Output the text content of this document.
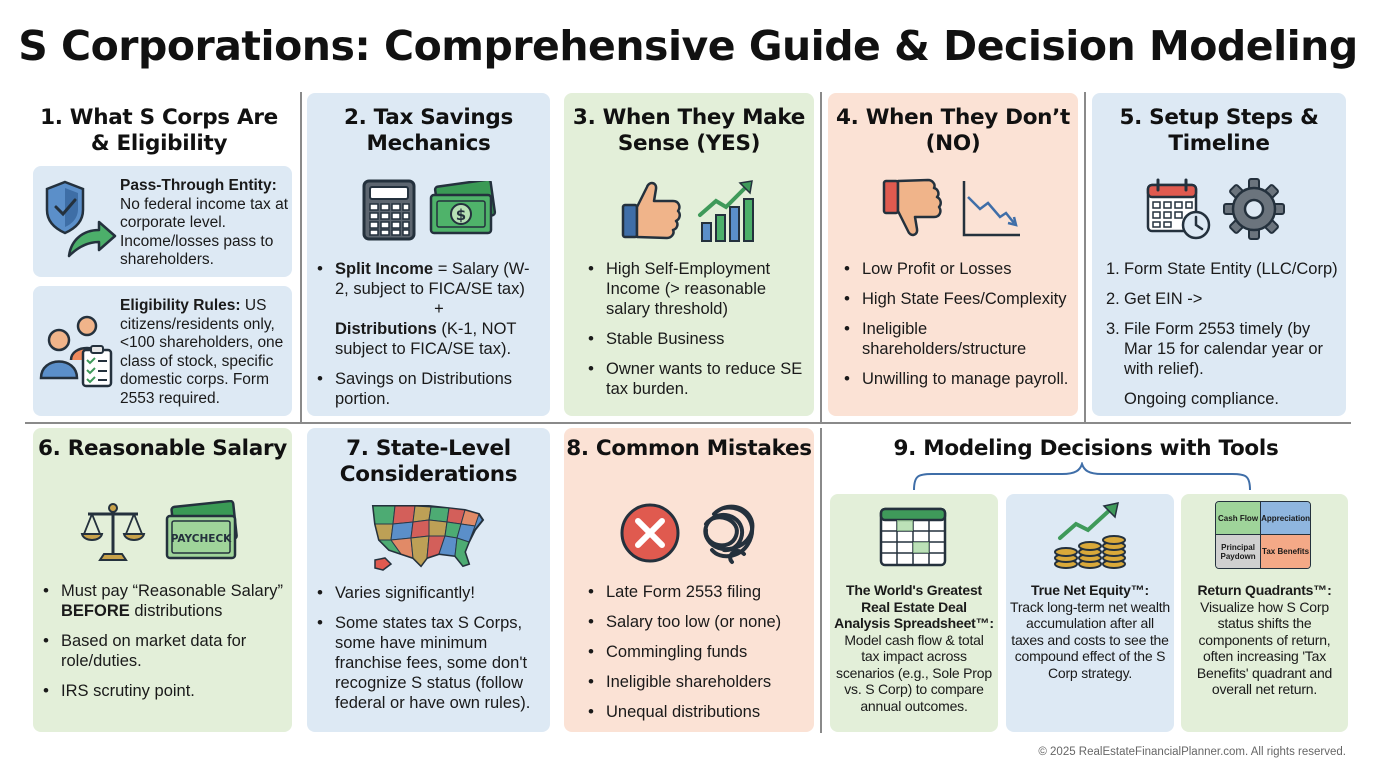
S Corporations: Comprehensive Guide & Decision Modeling
1. What S Corps Are
& Eligibility
Pass-Through Entity:
No federal income tax at corporate level. Income/losses pass to shareholders.
Eligibility Rules: US citizens/residents only, <100 shareholders, one class of stock, specific domestic corps. Form 2553 required.
2. Tax Savings
Mechanics
$
• Split Income = Salary (W-2, subject to FICA/SE tax)
+
Distributions (K-1, NOT subject to FICA/SE tax).
• Savings on Distributions portion.
3. When They Make
Sense (YES)
• High Self-Employment Income (> reasonable salary threshold)
• Stable Business
• Owner wants to reduce SE tax burden.
4. When They Don’t
(NO)
• Low Profit or Losses
• High State Fees/Complexity
• Ineligible shareholders/structure
• Unwilling to manage payroll.
5. Setup Steps &
Timeline
1. Form State Entity (LLC/Corp)
2. Get EIN ->
3. File Form 2553 timely (by Mar 15 for calendar year or with relief).
Ongoing compliance.
6. Reasonable Salary
PAYCHECK
• Must pay “Reasonable Salary” BEFORE distributions
• Based on market data for role/duties.
• IRS scrutiny point.
7. State-Level
Considerations
• Varies significantly!
• Some states tax S Corps, some have minimum franchise fees, some don't recognize S status (follow federal or have own rules).
8. Common Mistakes
• Late Form 2553 filing
• Salary too low (or none)
• Commingling funds
• Ineligible shareholders
• Unequal distributions
9. Modeling Decisions with Tools
The World's Greatest Real Estate Deal Analysis Spreadsheet™:
Model cash flow & total tax impact across scenarios (e.g., Sole Prop vs. S Corp) to compare annual outcomes.
True Net Equity™:
Track long-term net wealth accumulation after all taxes and costs to see the compound effect of the S Corp strategy.
Cash Flow Appreciation
Principal Paydown Tax Benefits
Return Quadrants™:
Visualize how S Corp status shifts the components of return, often increasing 'Tax Benefits' quadrant and overall net return.
© 2025 RealEstateFinancialPlanner.com. All rights reserved.
